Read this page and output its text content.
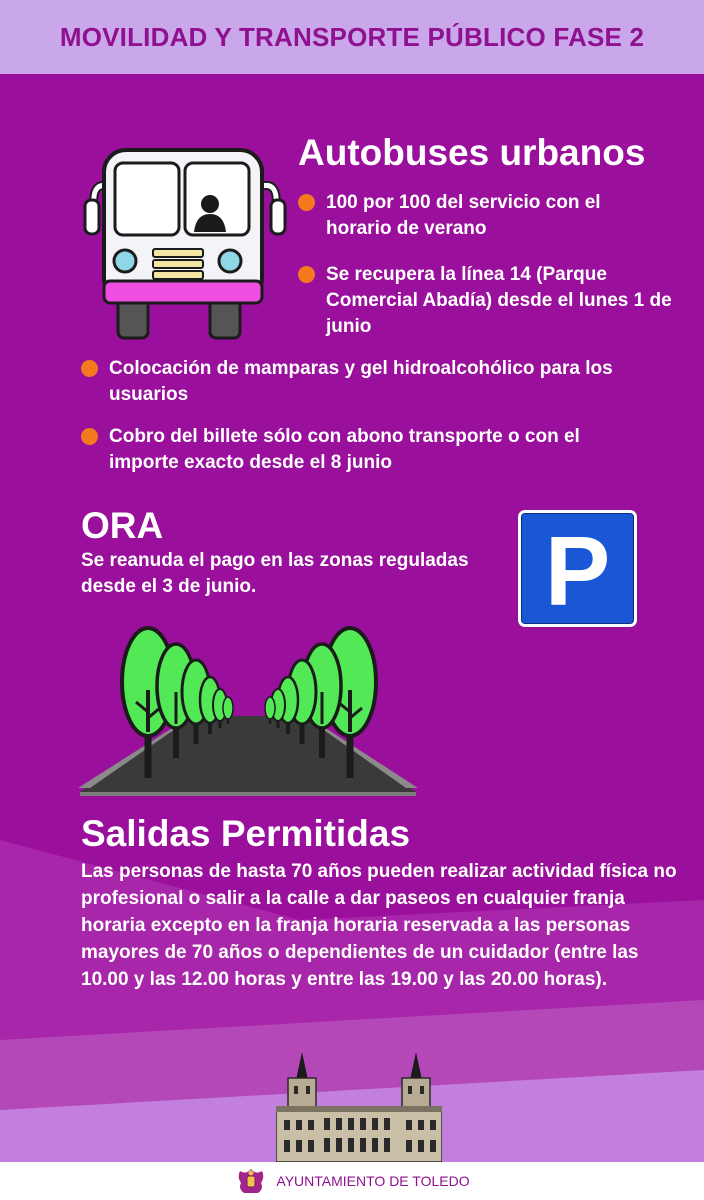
MOVILIDAD Y TRANSPORTE PÚBLICO FASE 2
Autobuses urbanos
100 por 100 del servicio con el horario de verano
Se recupera la línea 14 (Parque Comercial Abadía) desde el lunes 1 de junio
Colocación de mamparas y gel hidroalcohólico para los usuarios
Cobro del billete sólo con abono transporte o con el importe exacto desde el 8 junio
ORA
Se reanuda el pago en las zonas reguladas desde el 3 de junio.	P
Salidas Permitidas
Las personas de hasta 70 años pueden realizar actividad física no profesional o salir a la calle a dar paseos en cualquier franja horaria excepto en la franja horaria reservada a las personas mayores de 70 años o dependientes de un cuidador (entre las 10.00 y las 12.00 horas y entre las 19.00 y las 20.00 horas).
AYUNTAMIENTO DE TOLEDO
